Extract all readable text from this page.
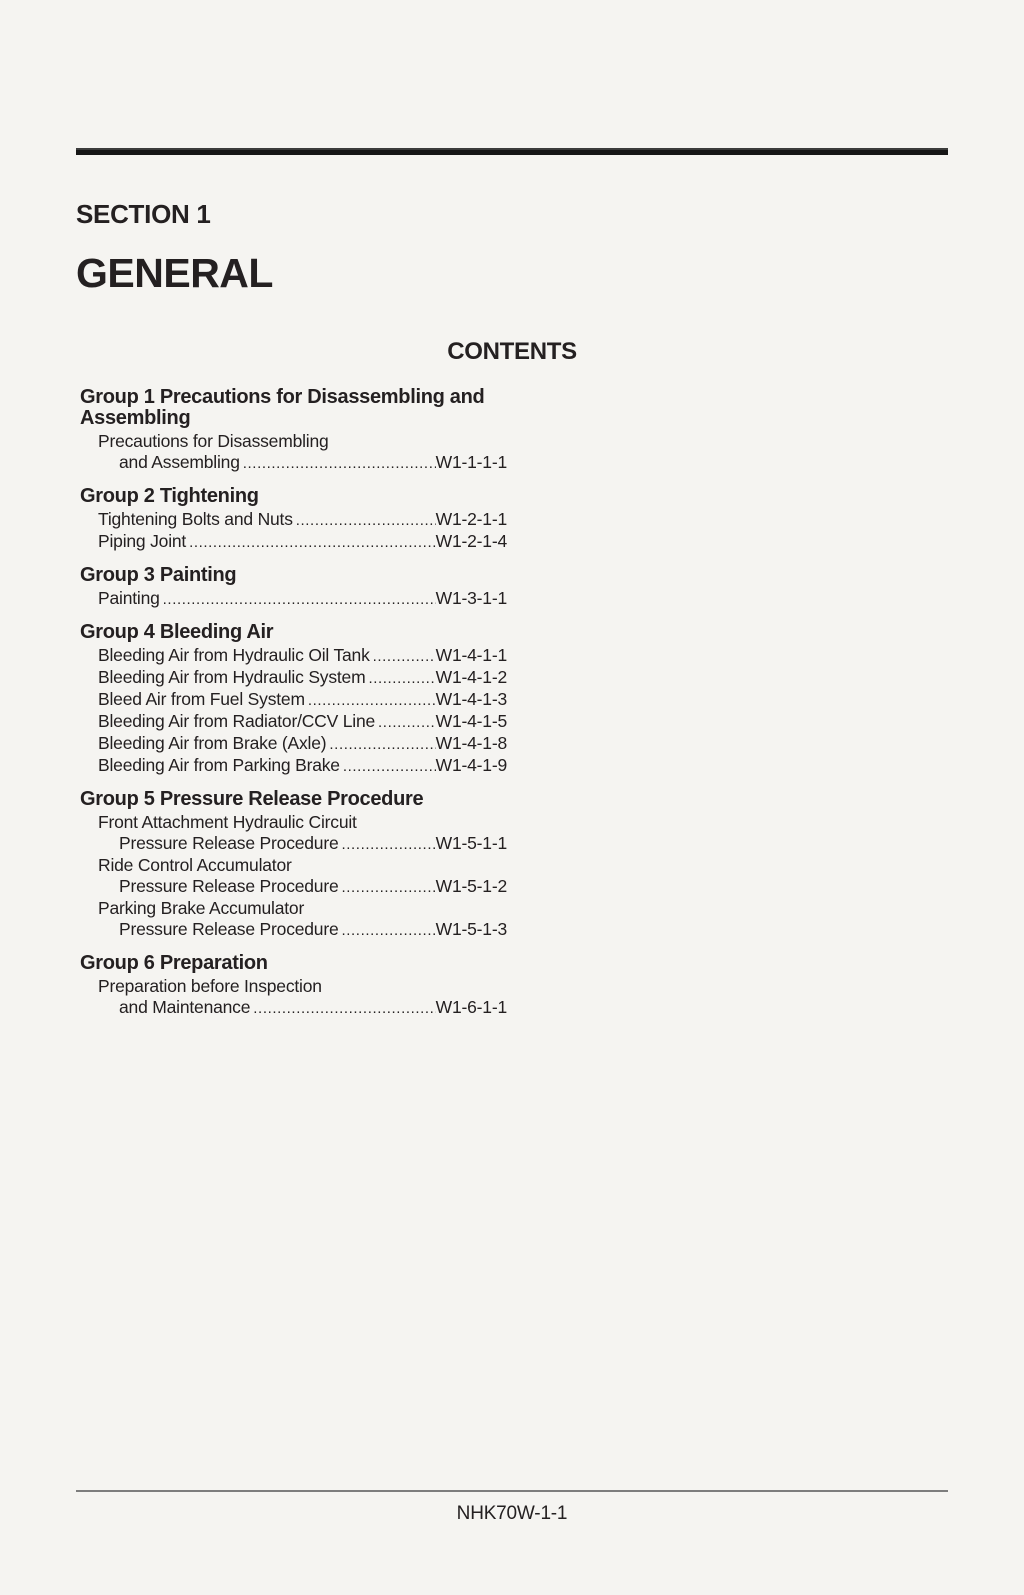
SECTION 1
GENERAL
CONTENTS
Group 1 Precautions for Disassembling and
Assembling
Precautions for Disassembling
and Assembling .....	W1-1-1-1
Group 2 Tightening
Tightening Bolts and Nuts .....	W1-2-1-1
Piping Joint .....	W1-2-1-4
Group 3 Painting
Painting .....	W1-3-1-1
Group 4 Bleeding Air
Bleeding Air from Hydraulic Oil Tank .....	W1-4-1-1
Bleeding Air from Hydraulic System .....	W1-4-1-2
Bleed Air from Fuel System .....	W1-4-1-3
Bleeding Air from Radiator/CCV Line .....	W1-4-1-5
Bleeding Air from Brake (Axle) .....	W1-4-1-8
Bleeding Air from Parking Brake .....	W1-4-1-9
Group 5 Pressure Release Procedure
Front Attachment Hydraulic Circuit
Pressure Release Procedure .....	W1-5-1-1
Ride Control Accumulator
Pressure Release Procedure .....	W1-5-1-2
Parking Brake Accumulator
Pressure Release Procedure .....	W1-5-1-3
Group 6 Preparation
Preparation before Inspection
and Maintenance .....	W1-6-1-1
NHK70W-1-1
